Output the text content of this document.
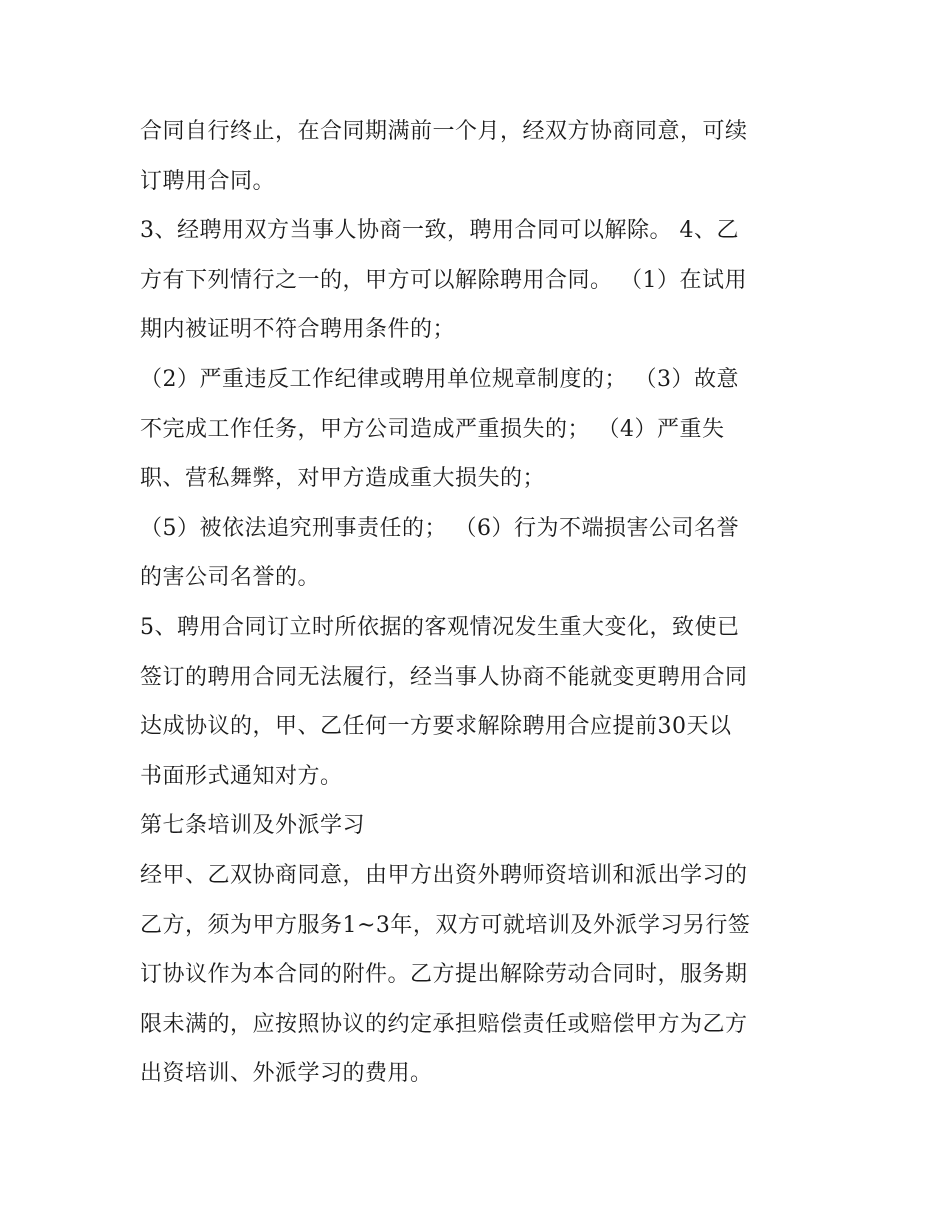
合同自行终止，在合同期满前一个月，经双方协商同意，可续
订聘用合同。
3、经聘用双方当事人协商一致，聘用合同可以解除。 4、乙
方有下列情行之一的，甲方可以解除聘用合同。 （1）在试用
期内被证明不符合聘用条件的；
（2）严重违反工作纪律或聘用单位规章制度的； （3）故意
不完成工作任务，甲方公司造成严重损失的； （4）严重失
职、营私舞弊，对甲方造成重大损失的；
（5）被依法追究刑事责任的； （6）行为不端损害公司名誉
的害公司名誉的。
5、聘用合同订立时所依据的客观情况发生重大变化，致使已
签订的聘用合同无法履行，经当事人协商不能就变更聘用合同
达成协议的，甲、乙任何一方要求解除聘用合应提前30天以
书面形式通知对方。
第七条培训及外派学习
经甲、乙双协商同意，由甲方出资外聘师资培训和派出学习的
乙方，须为甲方服务1~3年，双方可就培训及外派学习另行签
订协议作为本合同的附件。乙方提出解除劳动合同时，服务期
限未满的，应按照协议的约定承担赔偿责任或赔偿甲方为乙方
出资培训、外派学习的费用。
